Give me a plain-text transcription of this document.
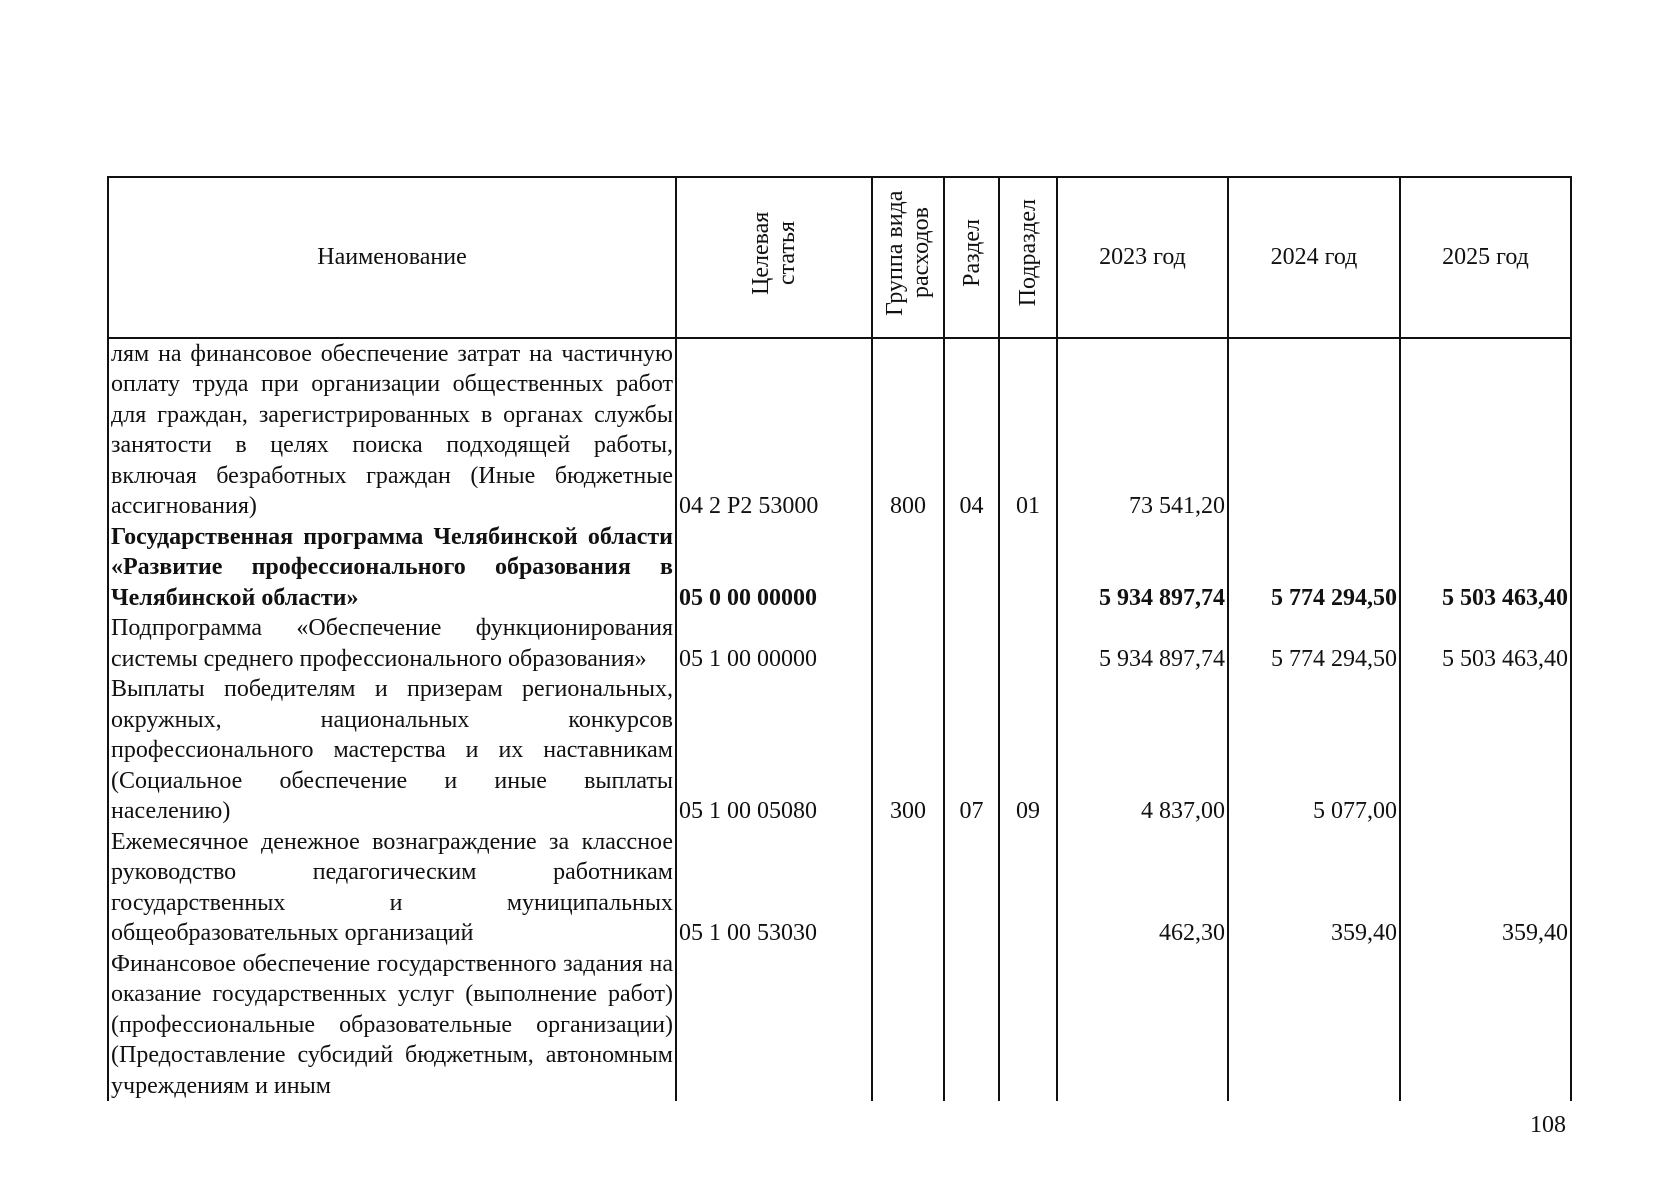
Наименование	Целевая статья	Группа вида расходов	Раздел	Подраздел	2023 год	2024 год	2025 год
лям на финансовое обеспечение затрат на частичную оплату труда при организации общественных работ для граждан, зарегистрированных в органах службы занятости в целях поиска подходящей работы, включая безработных граждан (Иные бюджетные ассигнования)	04 2 Р2 53000	800	04	01	73 541,20		
Государственная программа Челябинской области «Развитие профессионального образования в Челябинской области»	05 0 00 00000				5 934 897,74	5 774 294,50	5 503 463,40
Подпрограмма «Обеспечение функционирования системы среднего профессионального образования»	05 1 00 00000				5 934 897,74	5 774 294,50	5 503 463,40
Выплаты победителям и призерам региональных, окружных, национальных конкурсов профессионального мастерства и их наставникам (Социальное обеспечение и иные выплаты населению)	05 1 00 05080	300	07	09	4 837,00	5 077,00	
Ежемесячное денежное вознаграждение за классное руководство педагогическим работникам государственных и муниципальных общеобразовательных организаций	05 1 00 53030				462,30	359,40	359,40
Финансовое обеспечение государственного задания на оказание государственных услуг (выполнение работ) (профессиональные образовательные организации) (Предоставление субсидий бюджетным, автономным учреждениям и иным							
108
